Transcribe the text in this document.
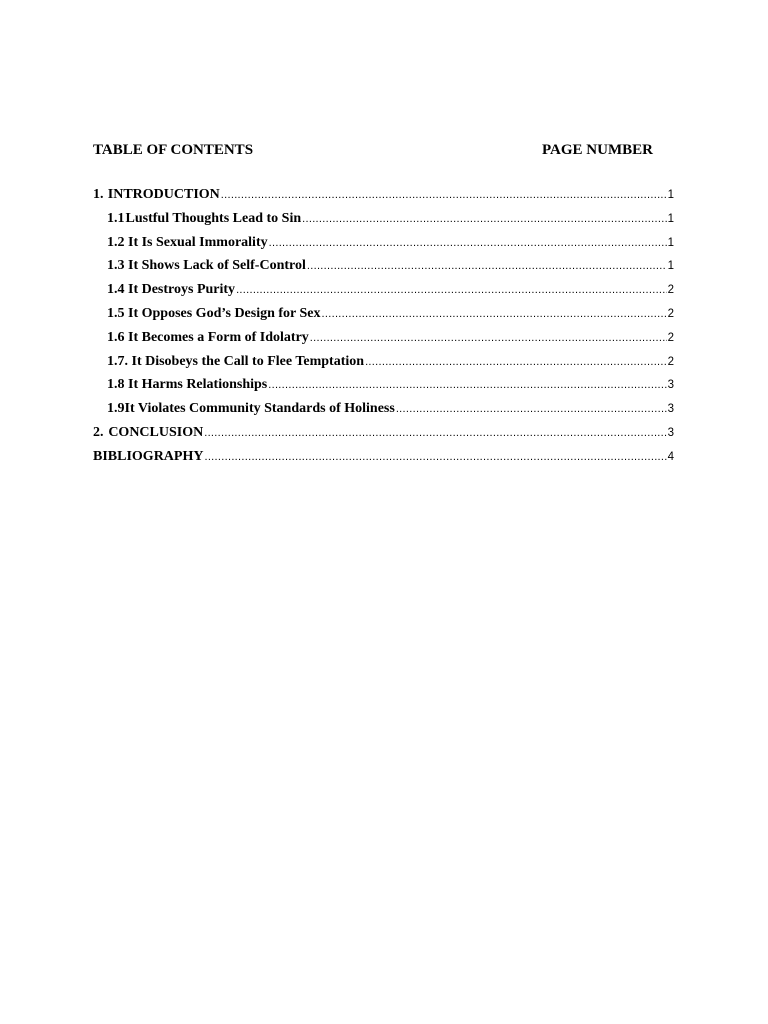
TABLE OF CONTENTS	PAGE NUMBER
1. INTRODUCTION .....	1
1.1 Lustful Thoughts Lead to Sin .....	1
1.2 It Is Sexual Immorality .....	1
1.3 It Shows Lack of Self-Control .....	1
1.4 It Destroys Purity .....	2
1.5 It Opposes God’s Design for Sex .....	2
1.6 It Becomes a Form of Idolatry .....	2
1.7. It Disobeys the Call to Flee Temptation .....	2
1.8 It Harms Relationships .....	3
1.9 It Violates Community Standards of Holiness .....	3
2. CONCLUSION .....	3
BIBLIOGRAPHY .....	4
